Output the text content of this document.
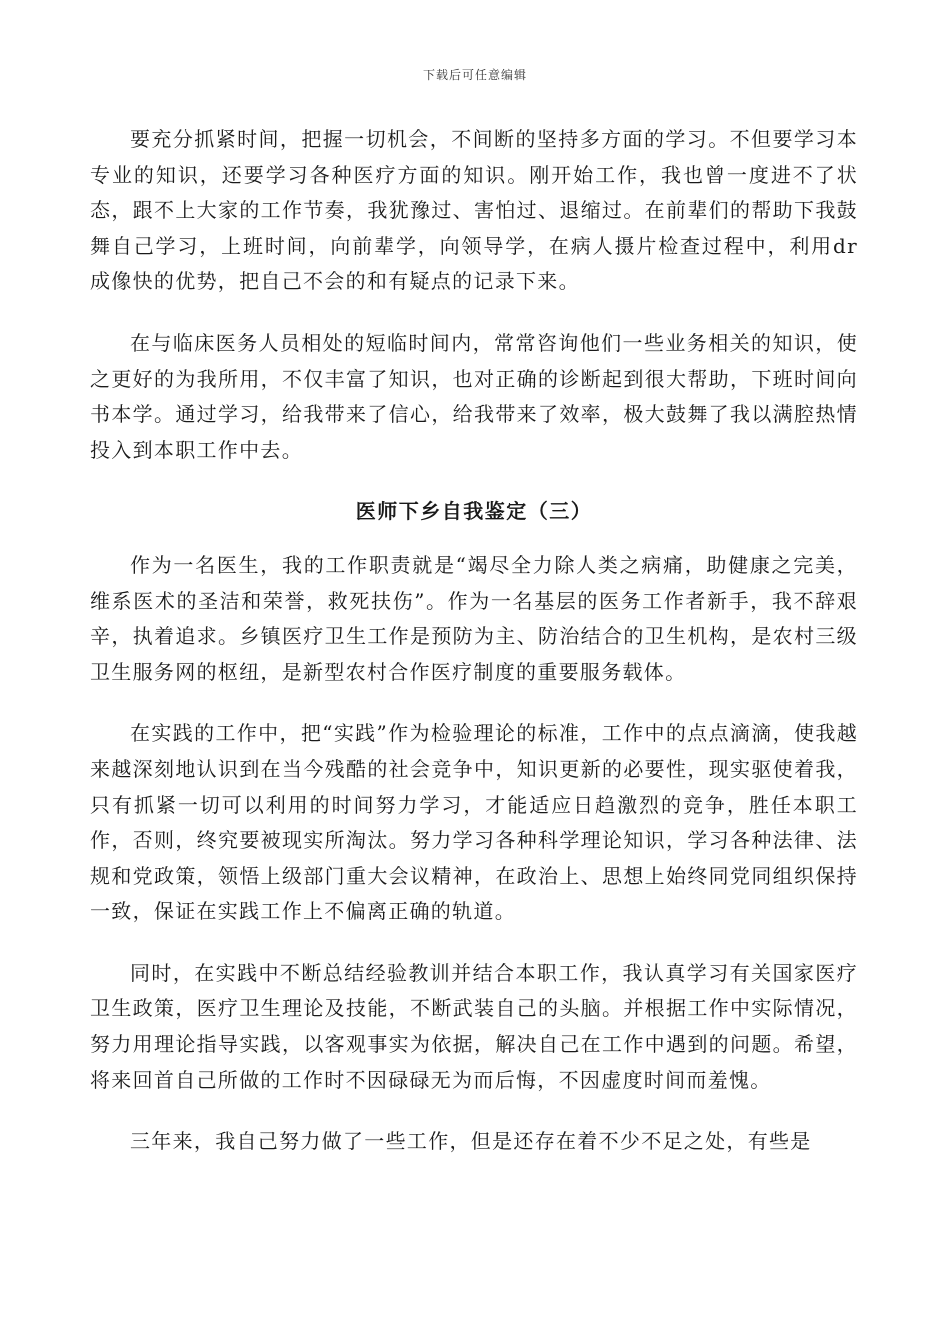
下载后可任意编辑

要充分抓紧时间，把握一切机会，不间断的坚持多方面的学习。不但要学习本专业的知识，还要学习各种医疗方面的知识。刚开始工作，我也曾一度进不了状态，跟不上大家的工作节奏，我犹豫过、害怕过、退缩过。在前辈们的帮助下我鼓舞自己学习，上班时间，向前辈学，向领导学，在病人摄片检查过程中，利用dr成像快的优势，把自己不会的和有疑点的记录下来。

在与临床医务人员相处的短临时间内，常常咨询他们一些业务相关的知识，使之更好的为我所用，不仅丰富了知识，也对正确的诊断起到很大帮助，下班时间向书本学。通过学习，给我带来了信心，给我带来了效率，极大鼓舞了我以满腔热情投入到本职工作中去。

医师下乡自我鉴定（三）

作为一名医生，我的工作职责就是“竭尽全力除人类之病痛，助健康之完美，维系医术的圣洁和荣誉，救死扶伤”。作为一名基层的医务工作者新手，我不辞艰辛，执着追求。乡镇医疗卫生工作是预防为主、防治结合的卫生机构，是农村三级卫生服务网的枢纽，是新型农村合作医疗制度的重要服务载体。

在实践的工作中，把“实践”作为检验理论的标准，工作中的点点滴滴，使我越来越深刻地认识到在当今残酷的社会竞争中，知识更新的必要性，现实驱使着我，只有抓紧一切可以利用的时间努力学习，才能适应日趋激烈的竞争，胜任本职工作，否则，终究要被现实所淘汰。努力学习各种科学理论知识，学习各种法律、法规和党政策，领悟上级部门重大会议精神，在政治上、思想上始终同党同组织保持一致，保证在实践工作上不偏离正确的轨道。

同时，在实践中不断总结经验教训并结合本职工作，我认真学习有关国家医疗卫生政策，医疗卫生理论及技能，不断武装自己的头脑。并根据工作中实际情况，努力用理论指导实践，以客观事实为依据，解决自己在工作中遇到的问题。希望，将来回首自己所做的工作时不因碌碌无为而后悔，不因虚度时间而羞愧。

三年来，我自己努力做了一些工作，但是还存在着不少不足之处，有些是
